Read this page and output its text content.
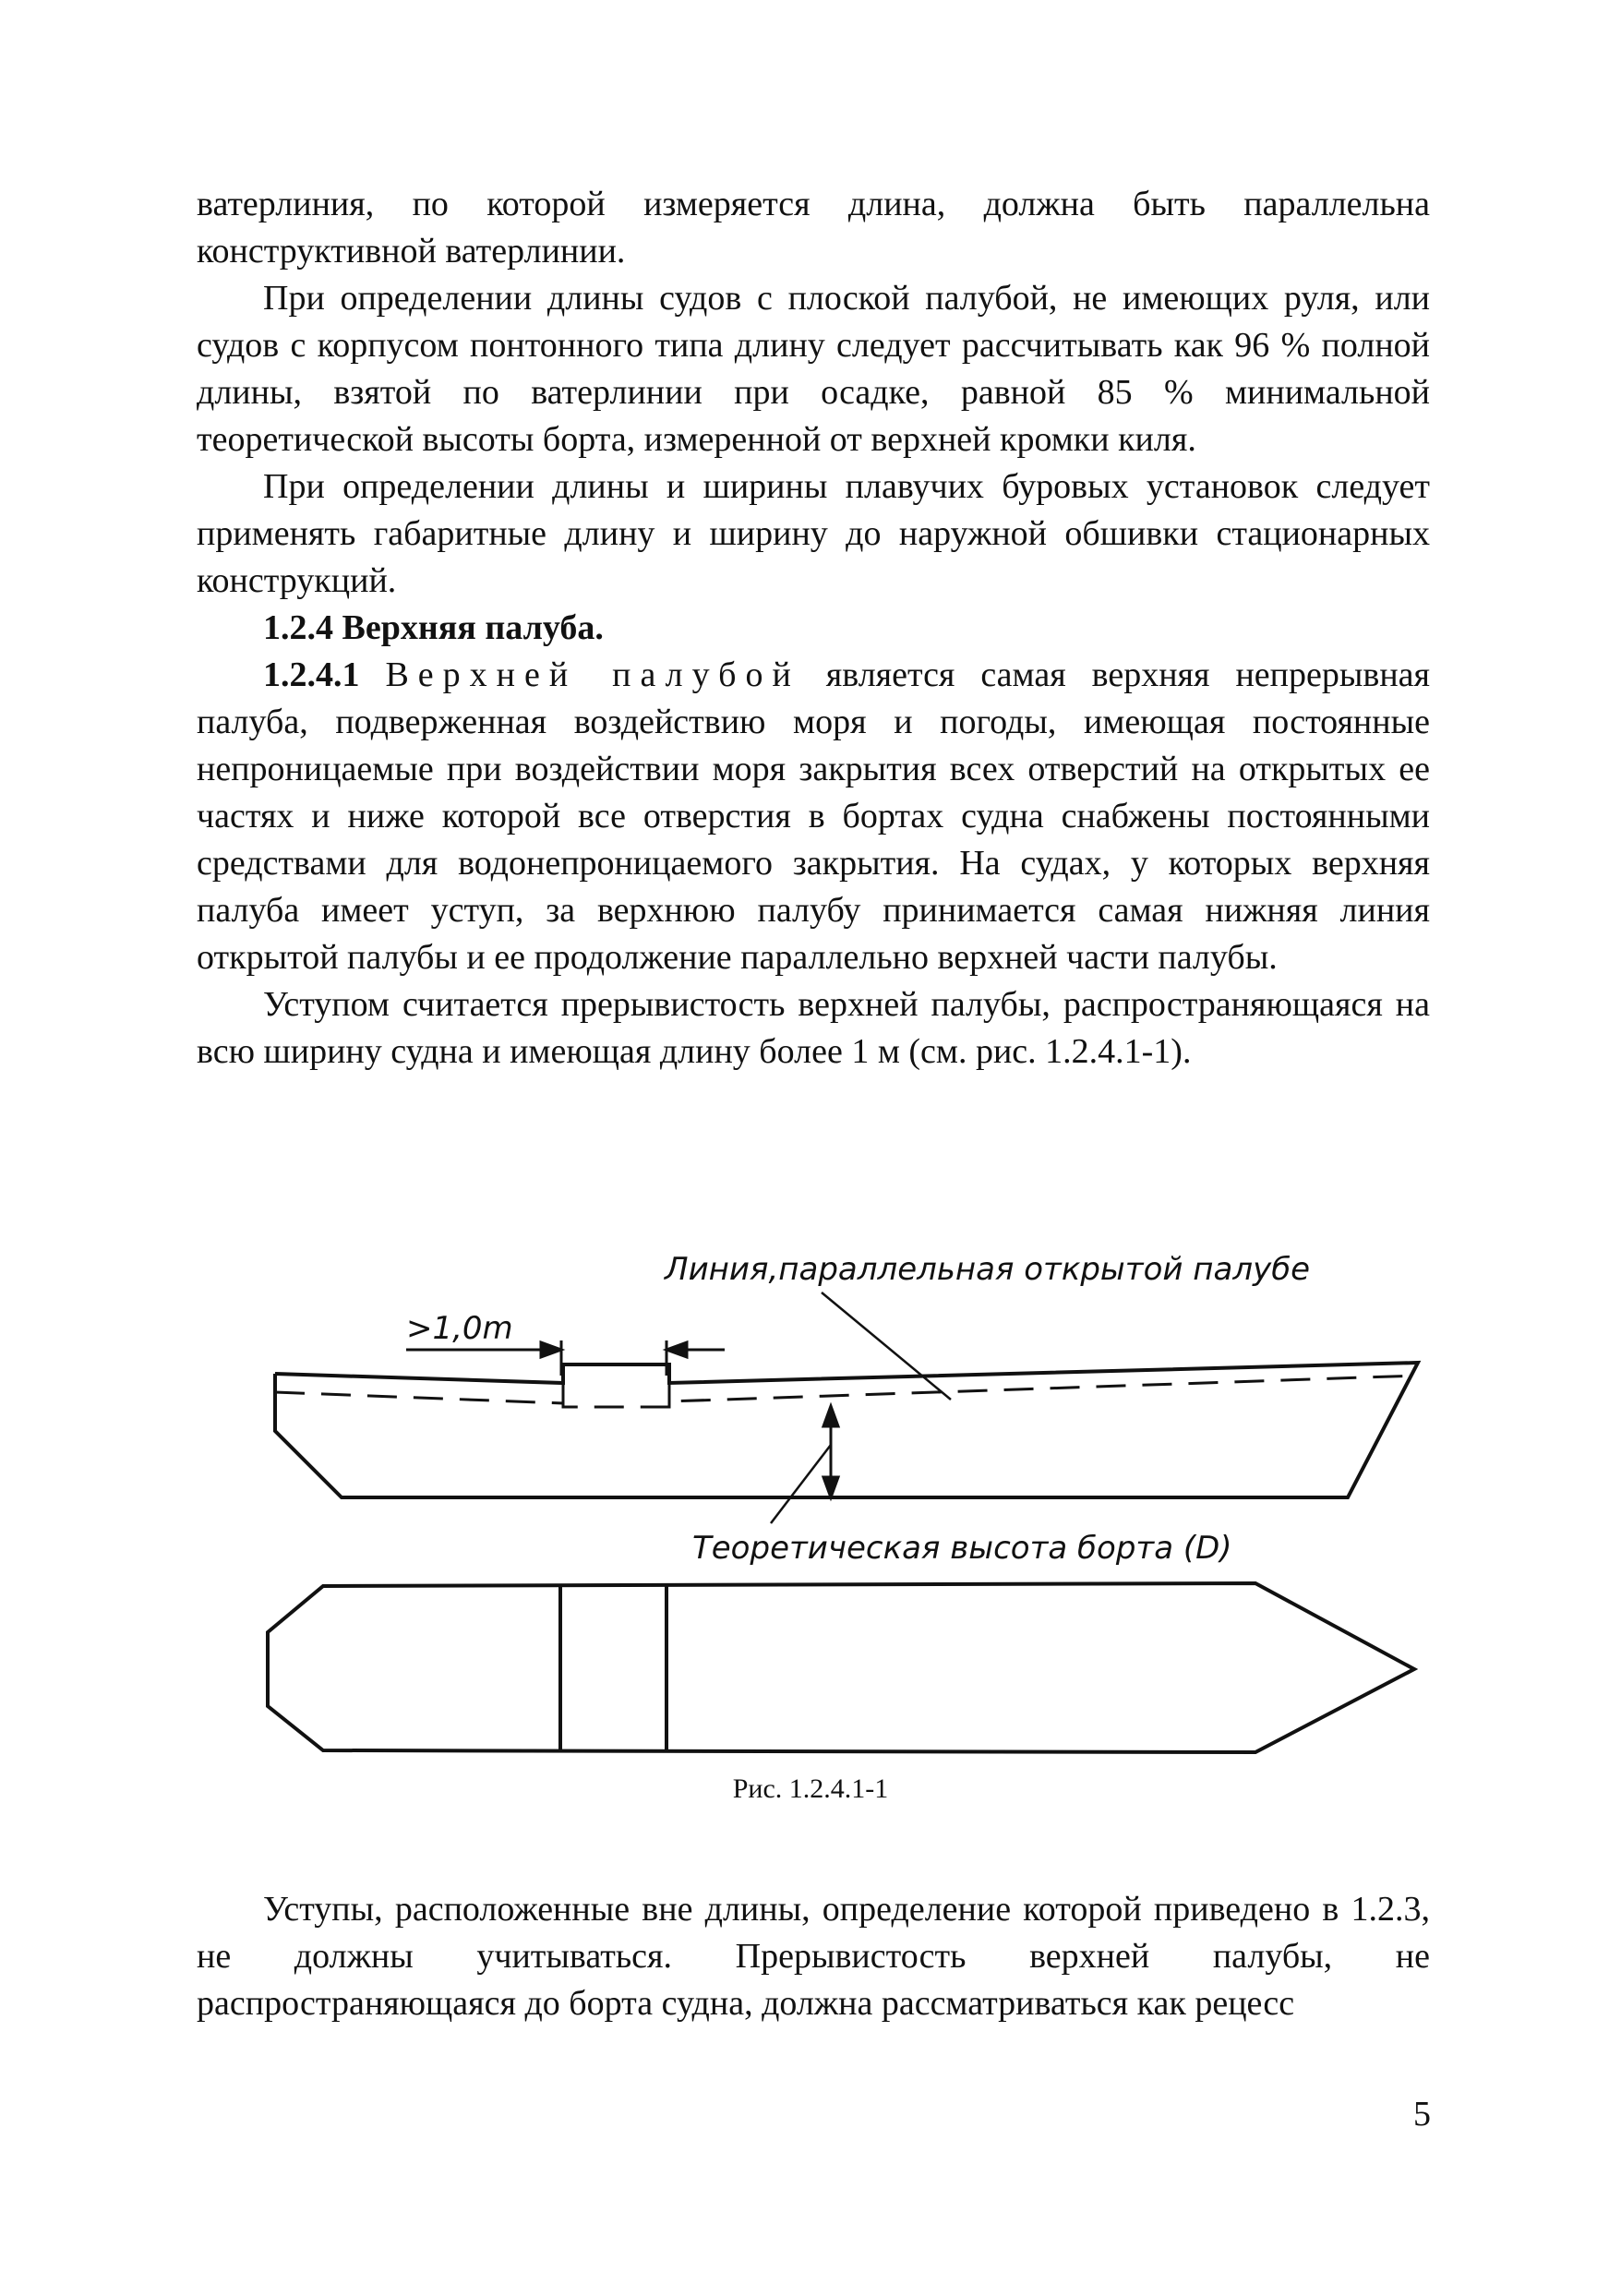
ватерлиния, по которой измеряется длина, должна быть параллельна конструктивной ватерлинии.

При определении длины судов с плоской палубой, не имеющих руля, или судов с корпусом понтонного типа длину следует рассчитывать как 96 % полной длины, взятой по ватерлинии при осадке, равной 85 % минимальной теоретической высоты борта, измеренной от верхней кромки киля.

При определении длины и ширины плавучих буровых установок следует применять габаритные длину и ширину до наружной обшивки стационарных конструкций.

1.2.4 Верхняя палуба.

1.2.4.1 Верхней палубой является самая верхняя непрерывная палуба, подверженная воздействию моря и погоды, имеющая постоянные непроницаемые при воздействии моря закрытия всех отверстий на открытых ее частях и ниже которой все отверстия в бортах судна снабжены постоянными средствами для водонепроницаемого закрытия. На судах, у которых верхняя палуба имеет уступ, за верхнюю палубу принимается самая нижняя линия открытой палубы и ее продолжение параллельно верхней части палубы.

Уступом считается прерывистость верхней палубы, распространяющаяся на всю ширину судна и имеющая длину более 1 м (см. рис. 1.2.4.1-1).

Линия,параллельная открытой палубе
>1,0m
Теоретическая высота борта (D)
Рис. 1.2.4.1-1

Уступы, расположенные вне длины, определение которой приведено в 1.2.3, не должны учитываться. Прерывистость верхней палубы, не распространяющаяся до борта судна, должна рассматриваться как рецесс

5
